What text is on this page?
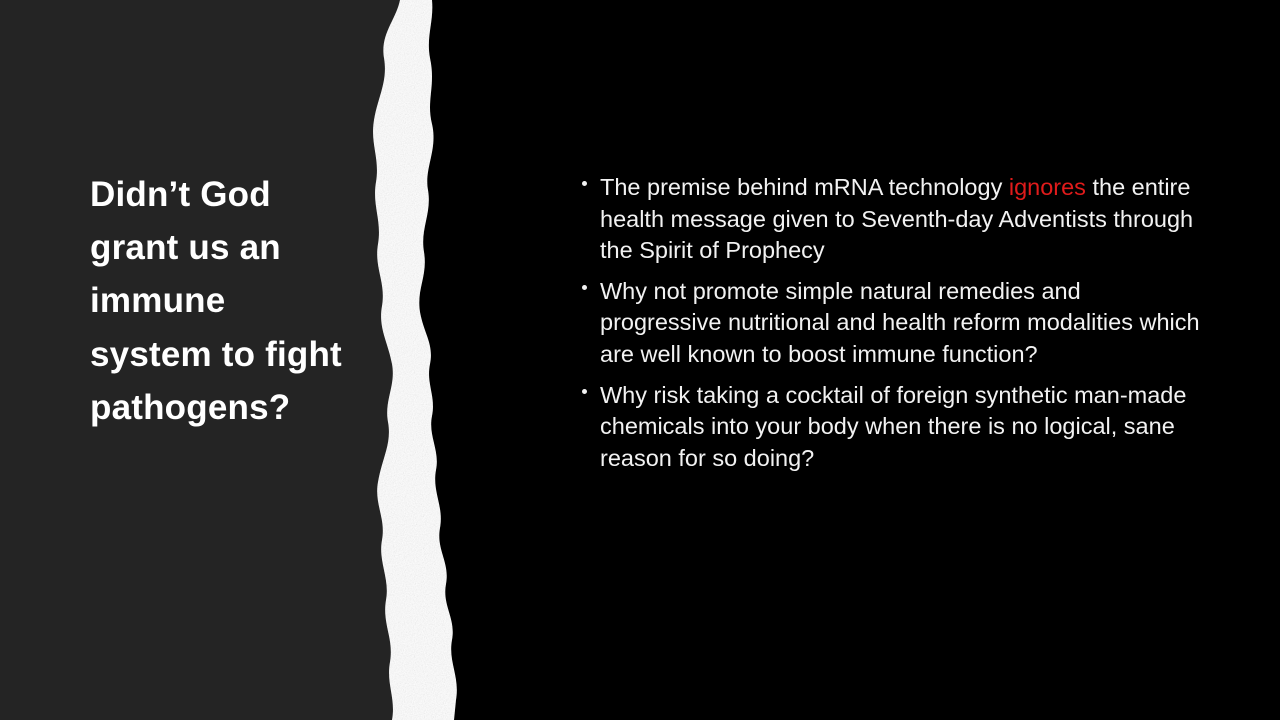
Didn’t God grant us an immune system to fight pathogens?
The premise behind mRNA technology ignores the entire health message given to Seventh-day Adventists through the Spirit of Prophecy
Why not promote simple natural remedies and progressive nutritional and health reform modalities which are well known to boost immune function?
Why risk taking a cocktail of foreign synthetic man-made chemicals into your body when there is no logical, sane reason for so doing?
